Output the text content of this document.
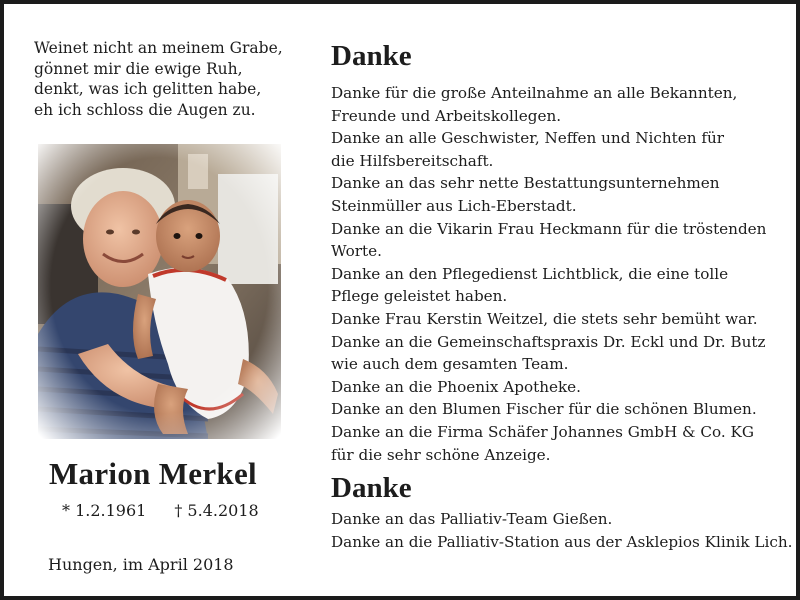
Weinet nicht an meinem Grabe,
gönnet mir die ewige Ruh,
denkt, was ich gelitten habe,
eh ich schloss die Augen zu.
Marion Merkel
* 1.2.1961 † 5.4.2018
Hungen, im April 2018
Danke
Danke für die große Anteilnahme an alle Bekannten,
Freunde und Arbeitskollegen.
Danke an alle Geschwister, Neffen und Nichten für
die Hilfsbereitschaft.
Danke an das sehr nette Bestattungsunternehmen
Steinmüller aus Lich-Eberstadt.
Danke an die Vikarin Frau Heckmann für die tröstenden
Worte.
Danke an den Pflegedienst Lichtblick, die eine tolle
Pflege geleistet haben.
Danke Frau Kerstin Weitzel, die stets sehr bemüht war.
Danke an die Gemeinschaftspraxis Dr. Eckl und Dr. Butz
wie auch dem gesamten Team.
Danke an die Phoenix Apotheke.
Danke an den Blumen Fischer für die schönen Blumen.
Danke an die Firma Schäfer Johannes GmbH & Co. KG
für die sehr schöne Anzeige.
Danke
Danke an das Palliativ-Team Gießen.
Danke an die Palliativ-Station aus der Asklepios Klinik Lich.
